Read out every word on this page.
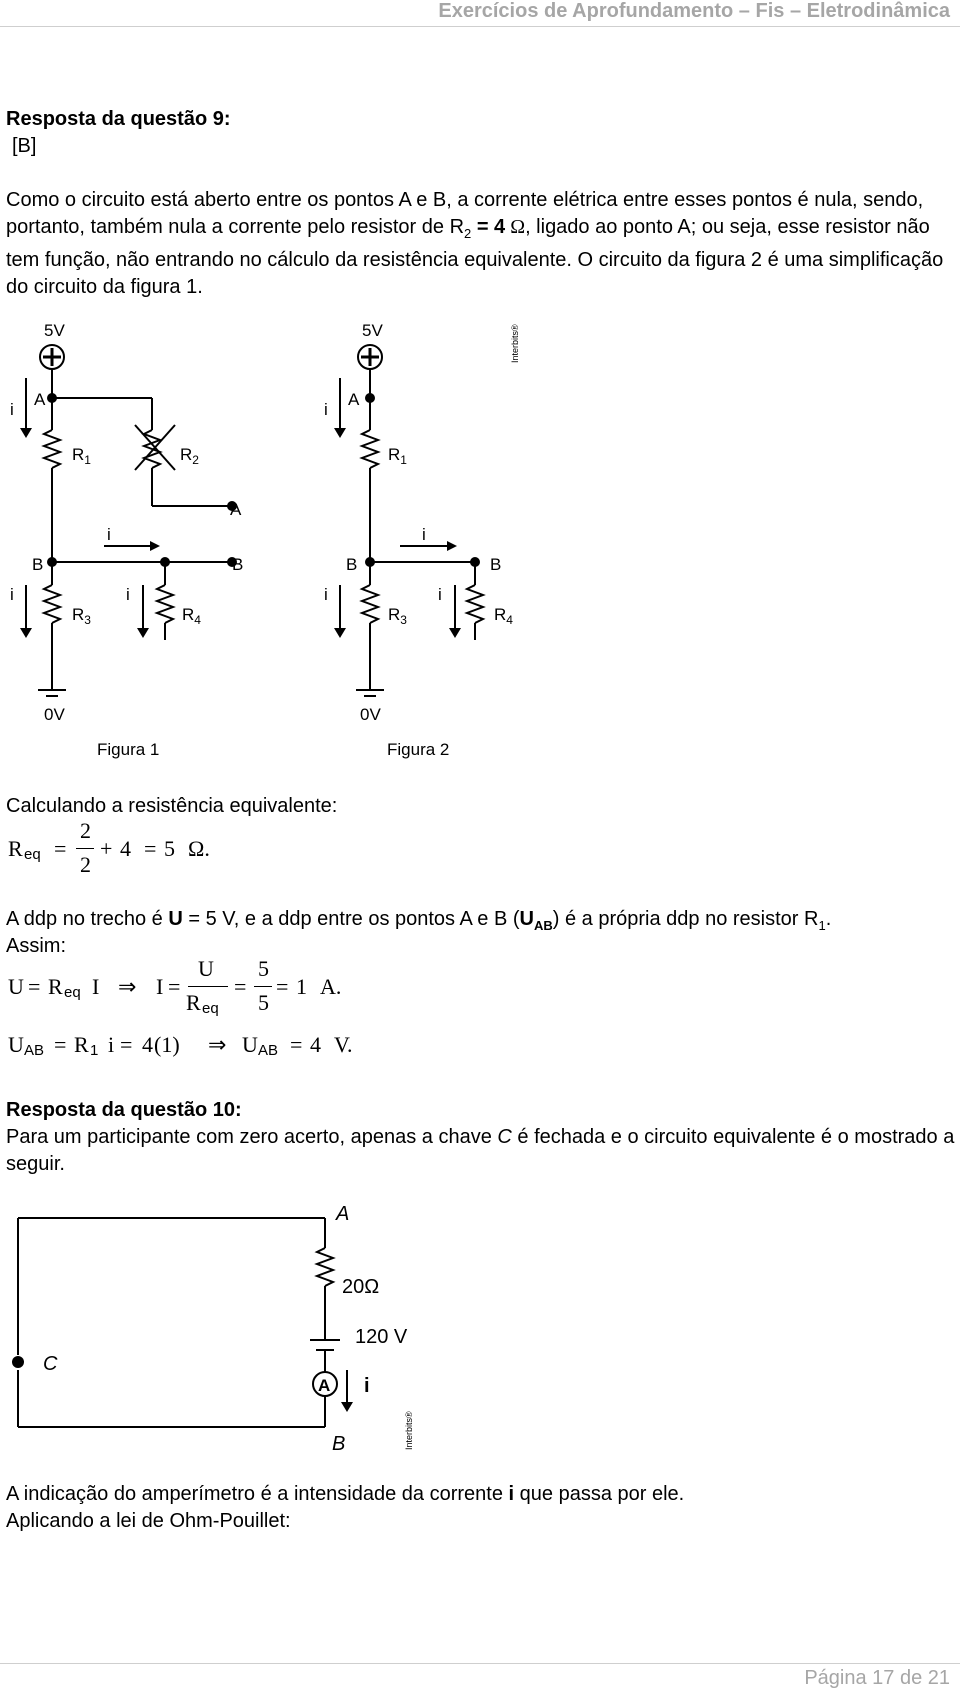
Exercícios de Aprofundamento – Fis – Eletrodinâmica
Resposta da questão 9:
[B]
Como o circuito está aberto entre os pontos A e B, a corrente elétrica entre esses pontos é nula, sendo, portanto, também nula a corrente pelo resistor de $R_2 = 4$ Ω, ligado ao ponto A; ou seja, esse resistor não tem função, não entrando no cálculo da resistência equivalente. O circuito da figura 2 é uma simplificação do circuito da figura 1.
5V	5V
A	A
i	i
$R_1$	$R_2$	$R_1$
A
i	i
B	B	B	B
i	i	i	i
$R_3$	$R_4$	$R_3$	$R_4$
0V	0V
Figura 1	Figura 2
Interbits®
Calculando a resistência equivalente:
R eq =
2
2
+ 4 = 5 Ω.
A ddp no trecho é U = 5 V, e a ddp entre os pontos A e B $(U_{AB})$ é a própria ddp no resistor $R_1$.
Assim:
U = R eq I ⇒ I =
U
R eq
=
5
5
= 1 A.
U AB = R 1 i = 4 (1) ⇒ U AB = 4 V.
Resposta da questão 10:
Para um participante com zero acerto, apenas a chave C é fechada e o circuito equivalente é o mostrado a seguir.
A
20Ω
120 V
C
A i
B	Interbits®
A indicação do amperímetro é a intensidade da corrente i que passa por ele.
Aplicando a lei de Ohm-Pouillet:
Página 17 de 21
